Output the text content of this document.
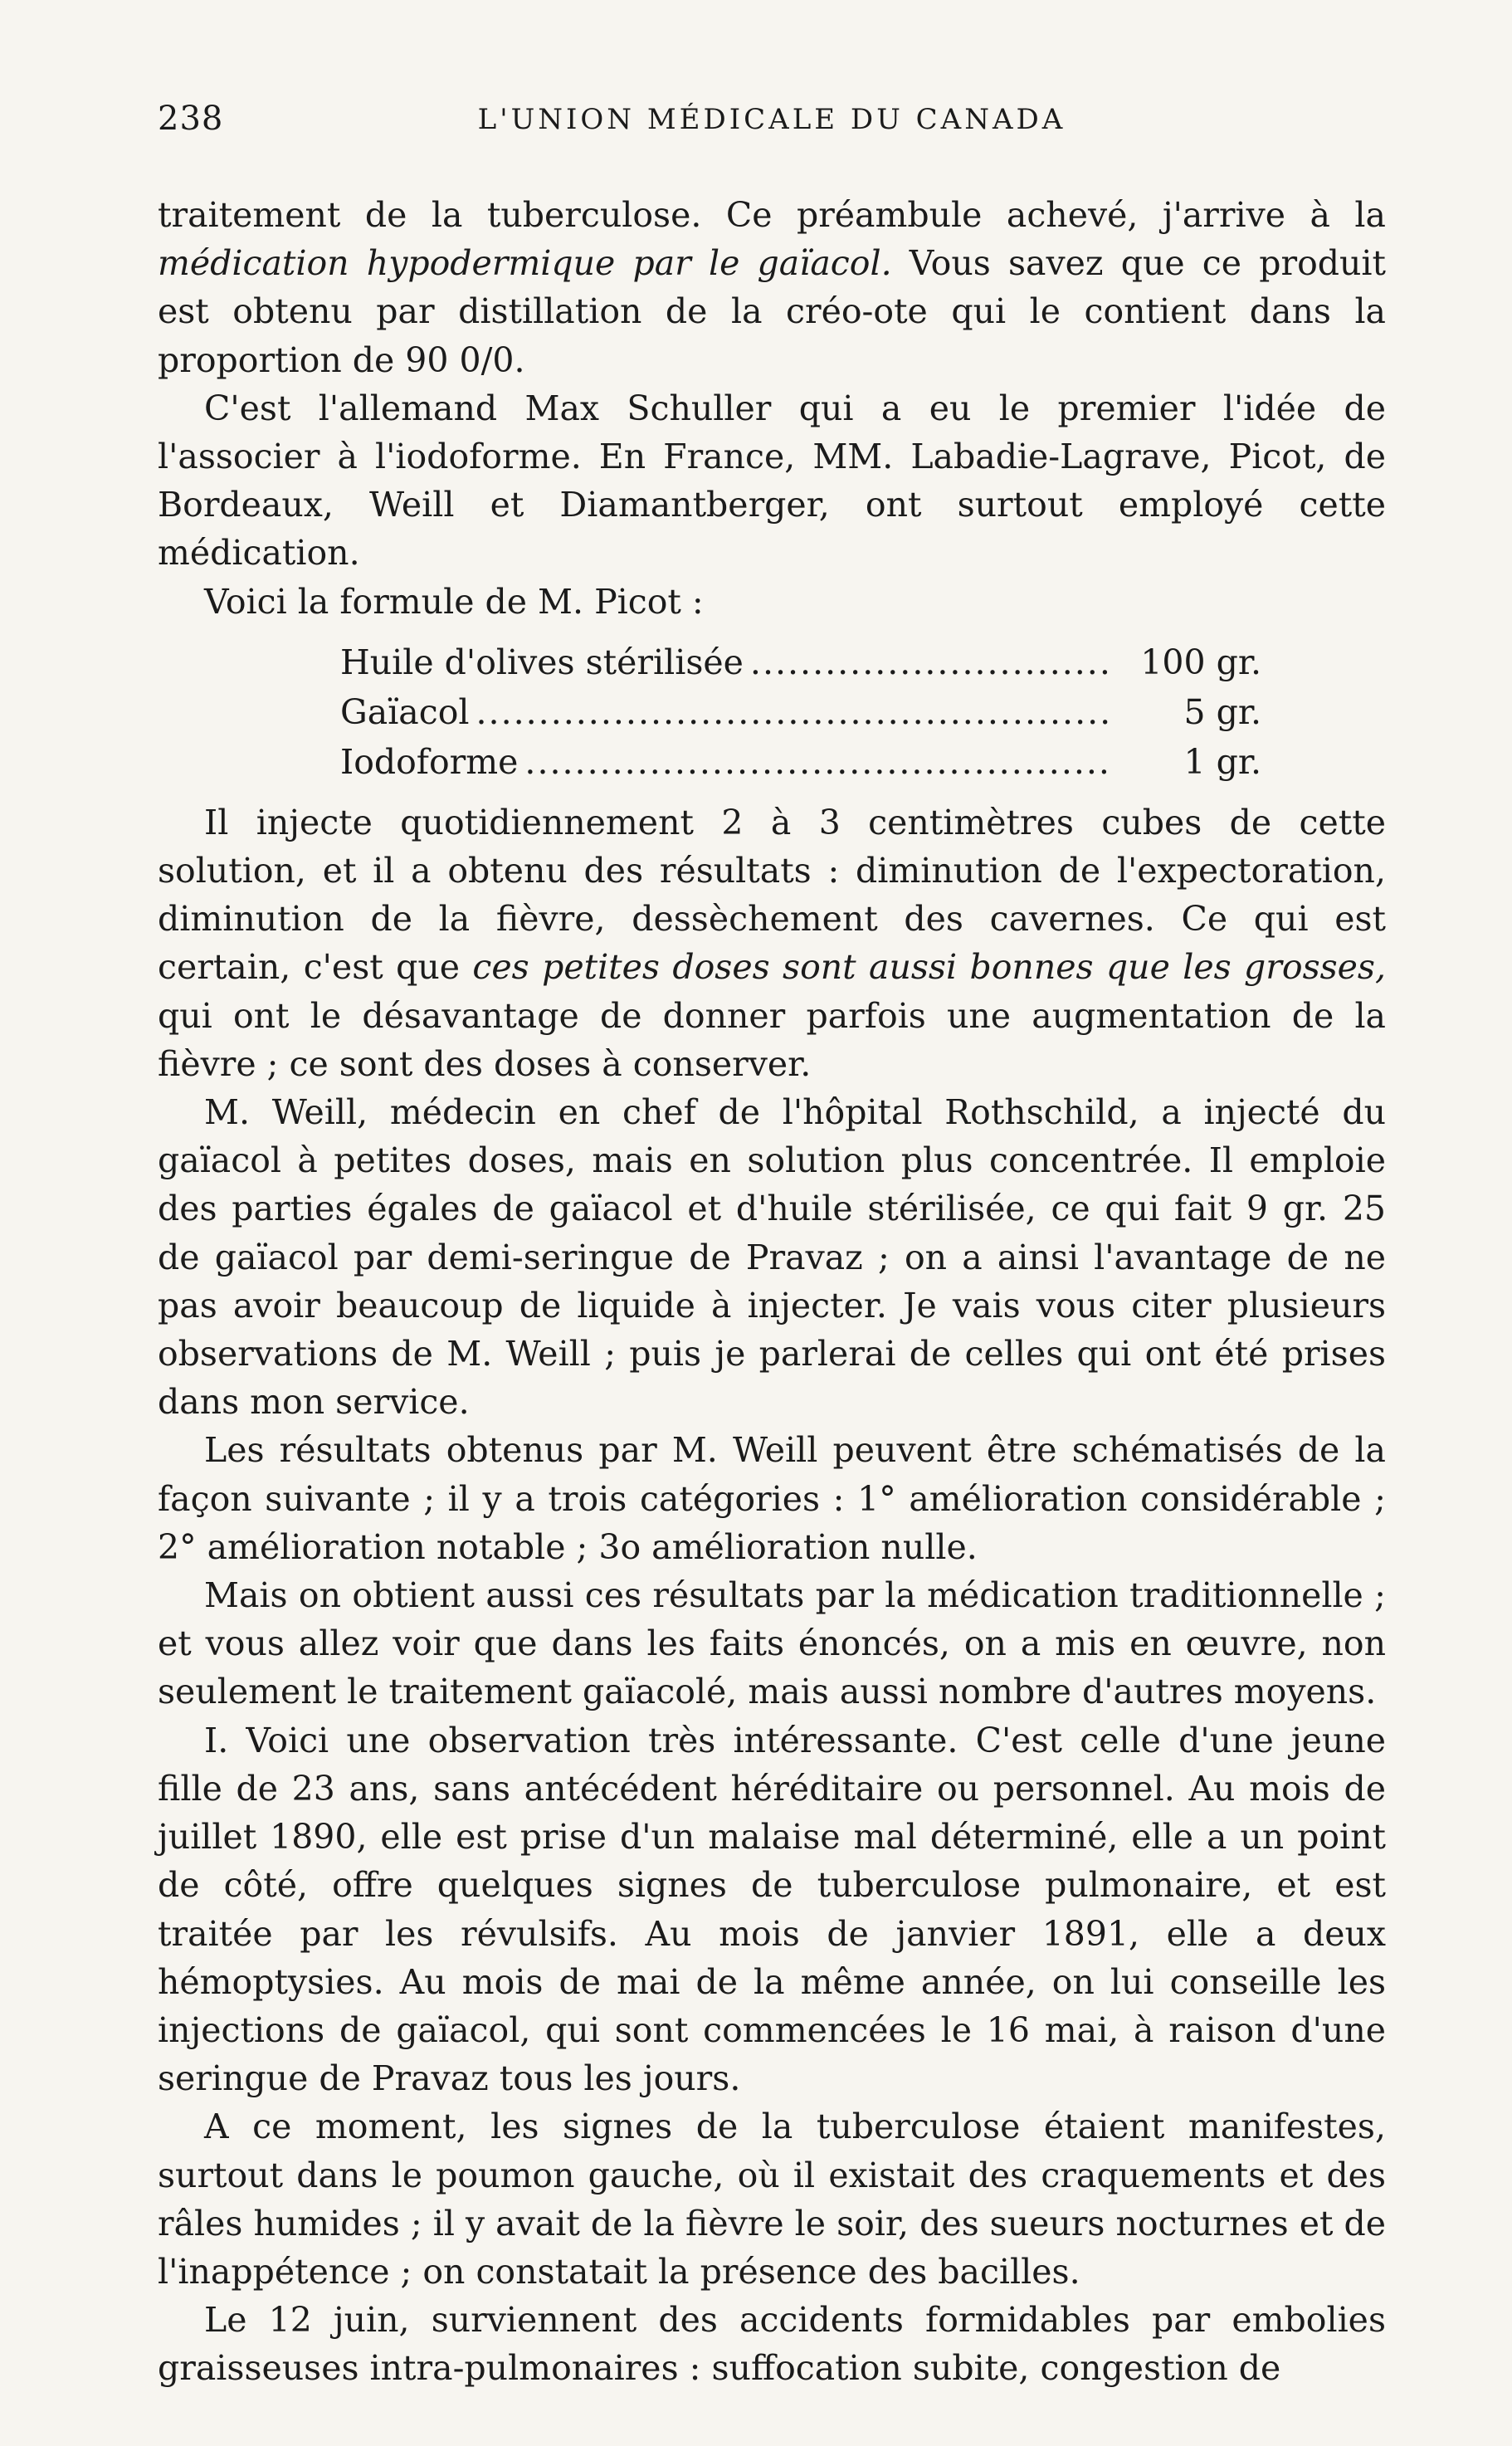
238	L'UNION MÉDICALE DU CANADA

traitement de la tuberculose. Ce préambule achevé, j'arrive à la médication hypodermique par le gaïacol. Vous savez que ce produit est obtenu par distillation de la créo-ote qui le contient dans la proportion de 90 0/0.

C'est l'allemand Max Schuller qui a eu le premier l'idée de l'associer à l'iodoforme. En France, MM. Labadie-Lagrave, Picot, de Bordeaux, Weill et Diamantberger, ont surtout employé cette médication.

Voici la formule de M. Picot :

Huile d'olives stérilisée .....	100 gr.
Gaïacol .....	5 gr.
Iodoforme .....	1 gr.

Il injecte quotidiennement 2 à 3 centimètres cubes de cette solution, et il a obtenu des résultats : diminution de l'expectoration, diminution de la fièvre, dessèchement des cavernes. Ce qui est certain, c'est que ces petites doses sont aussi bonnes que les grosses, qui ont le désavantage de donner parfois une augmentation de la fièvre ; ce sont des doses à conserver.

M. Weill, médecin en chef de l'hôpital Rothschild, a injecté du gaïacol à petites doses, mais en solution plus concentrée. Il emploie des parties égales de gaïacol et d'huile stérilisée, ce qui fait 9 gr. 25 de gaïacol par demi-seringue de Pravaz ; on a ainsi l'avantage de ne pas avoir beaucoup de liquide à injecter. Je vais vous citer plusieurs observations de M. Weill ; puis je parlerai de celles qui ont été prises dans mon service.

Les résultats obtenus par M. Weill peuvent être schématisés de la façon suivante ; il y a trois catégories : 1° amélioration considérable ; 2° amélioration notable ; 3o amélioration nulle.

Mais on obtient aussi ces résultats par la médication traditionnelle ; et vous allez voir que dans les faits énoncés, on a mis en œuvre, non seulement le traitement gaïacolé, mais aussi nombre d'autres moyens.

I. Voici une observation très intéressante. C'est celle d'une jeune fille de 23 ans, sans antécédent héréditaire ou personnel. Au mois de juillet 1890, elle est prise d'un malaise mal déterminé, elle a un point de côté, offre quelques signes de tuberculose pulmonaire, et est traitée par les révulsifs. Au mois de janvier 1891, elle a deux hémoptysies. Au mois de mai de la même année, on lui conseille les injections de gaïacol, qui sont commencées le 16 mai, à raison d'une seringue de Pravaz tous les jours.

A ce moment, les signes de la tuberculose étaient manifestes, surtout dans le poumon gauche, où il existait des craquements et des râles humides ; il y avait de la fièvre le soir, des sueurs nocturnes et de l'inappétence ; on constatait la présence des bacilles.

Le 12 juin, surviennent des accidents formidables par embolies graisseuses intra-pulmonaires : suffocation subite, congestion de
